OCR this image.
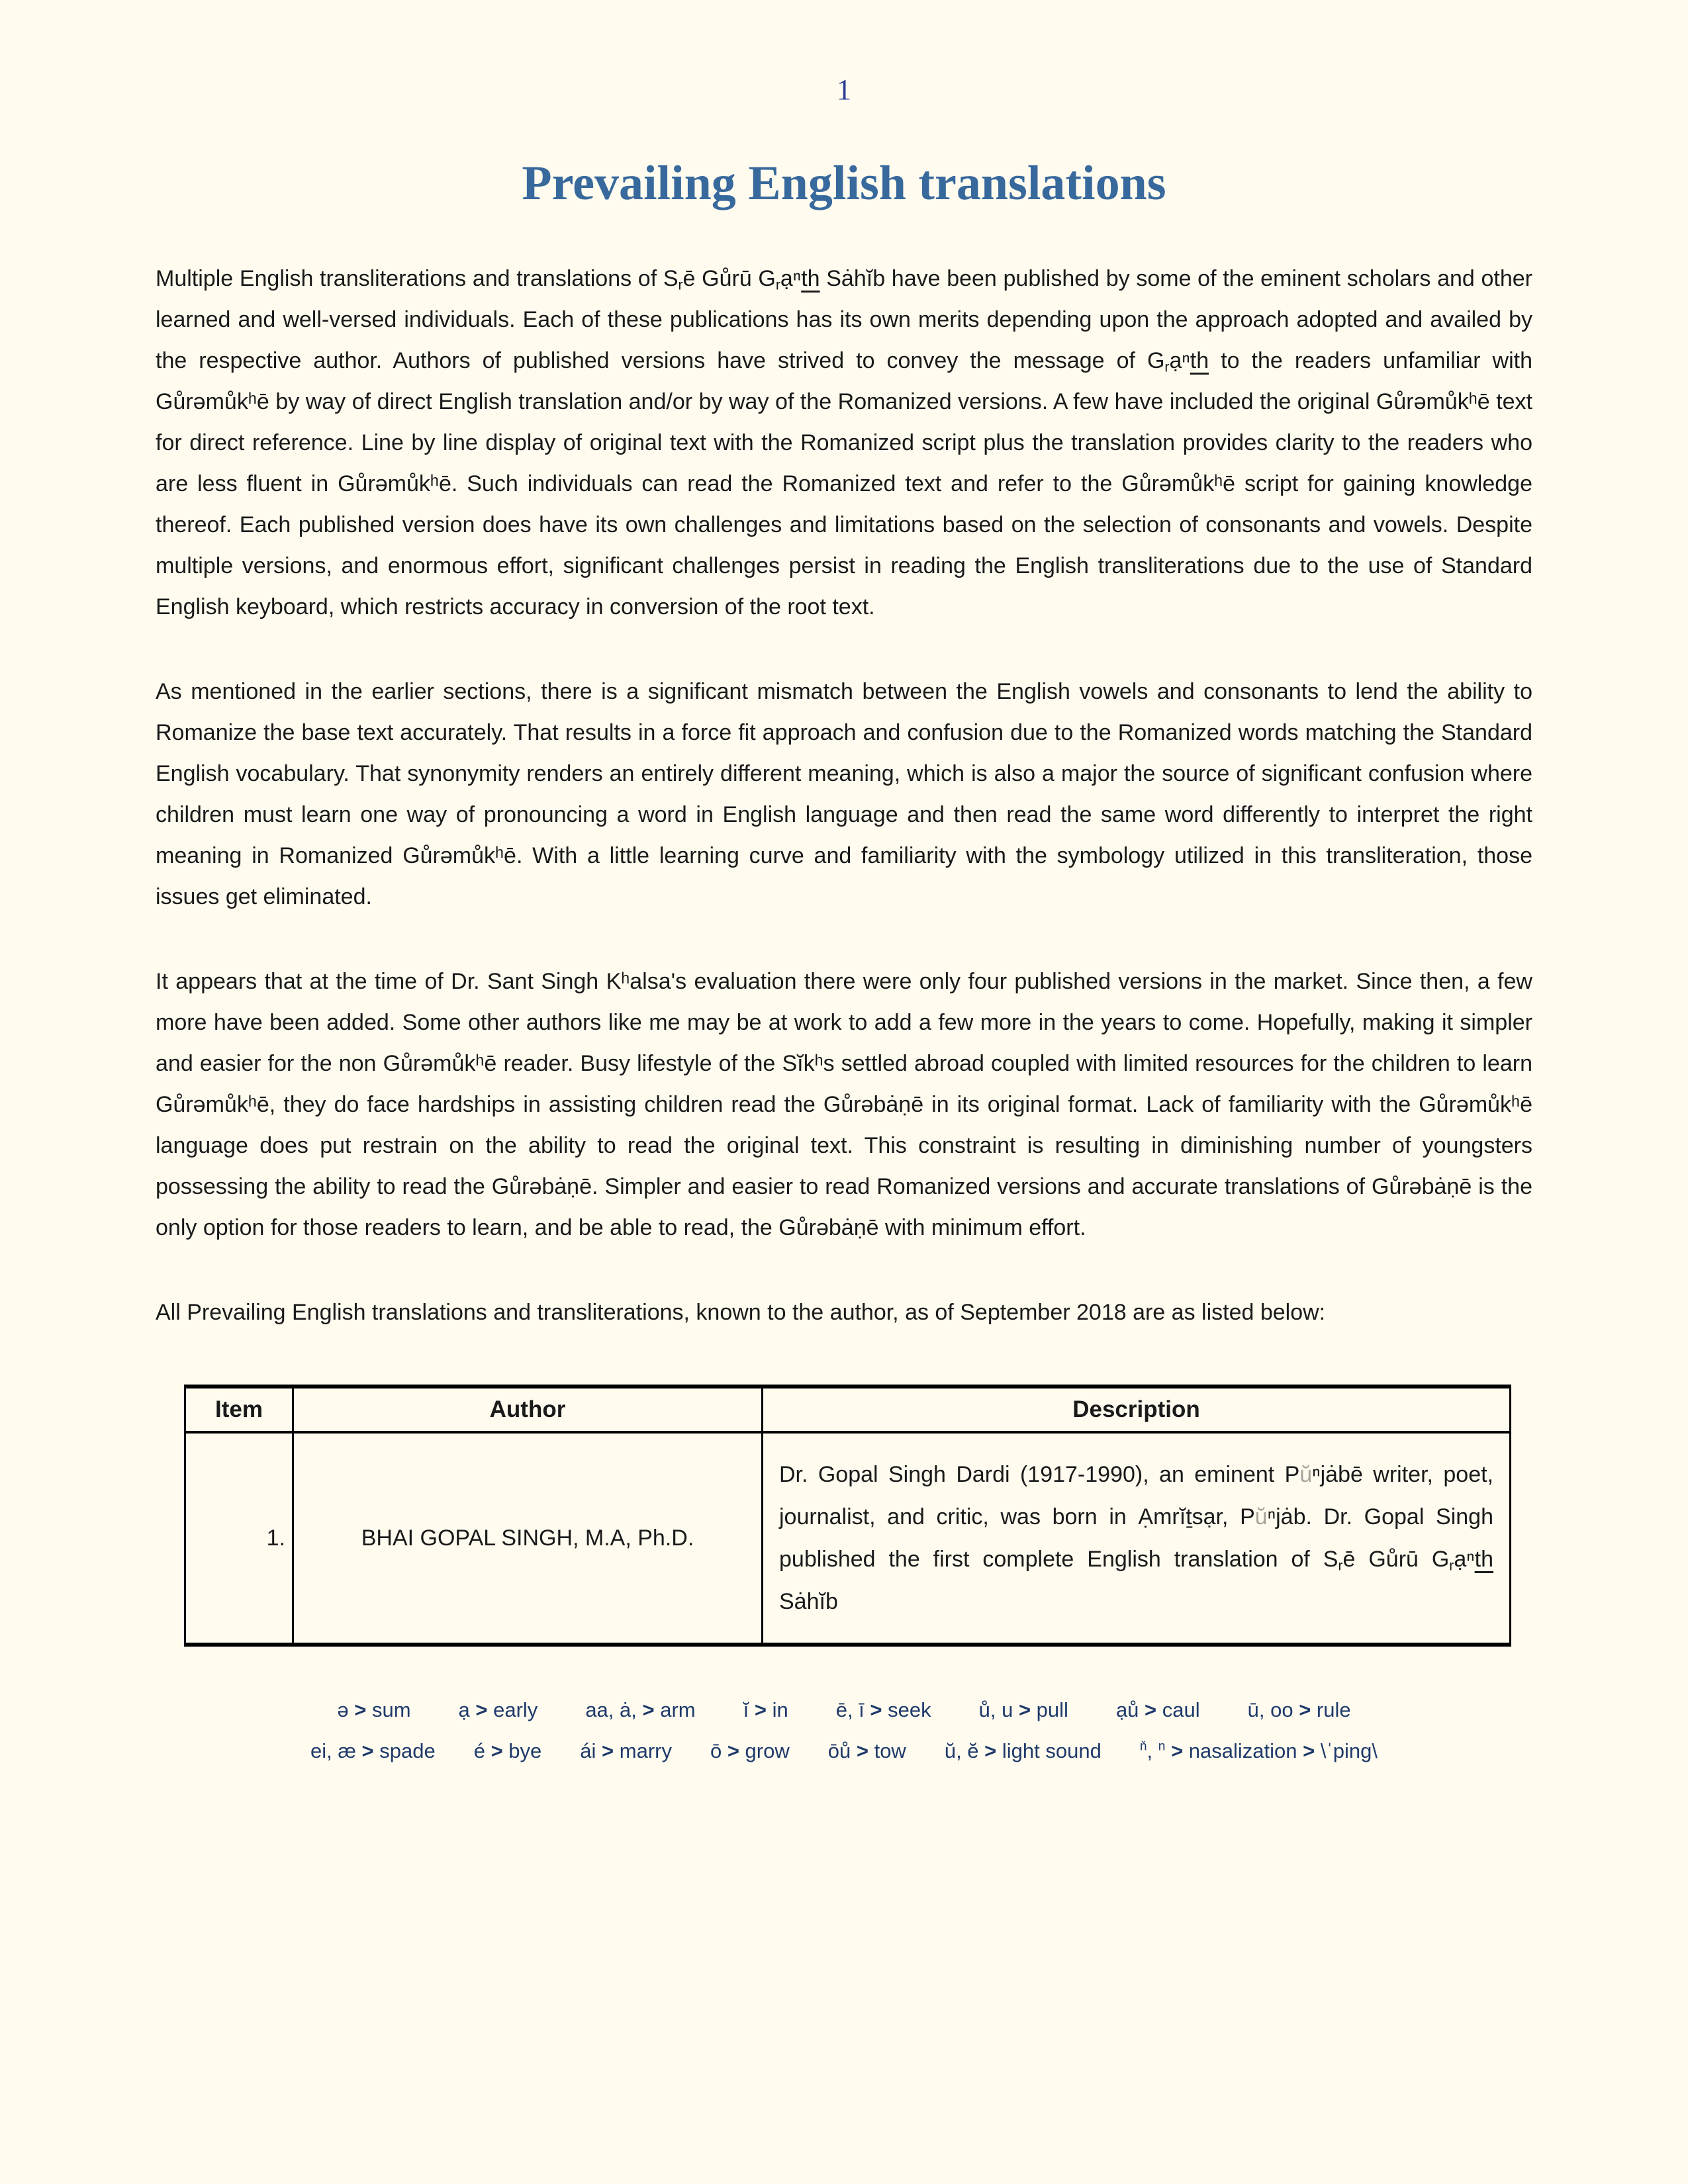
1
Prevailing English translations

Multiple English transliterations and translations of $S_rē$ Gůrū $G_rạ^nth$ Sȧhĭb have been published by some of the eminent scholars and other learned and well-versed individuals. Each of these publications has its own merits depending upon the approach adopted and availed by the respective author. Authors of published versions have strived to convey the message of $G_rạ^nth$ to the readers unfamiliar with Gůrəmůkʰē by way of direct English translation and/or by way of the Romanized versions. A few have included the original Gůrəmůkʰē text for direct reference. Line by line display of original text with the Romanized script plus the translation provides clarity to the readers who are less fluent in Gůrəmůkʰē. Such individuals can read the Romanized text and refer to the Gůrəmůkʰē script for gaining knowledge thereof. Each published version does have its own challenges and limitations based on the selection of consonants and vowels. Despite multiple versions, and enormous effort, significant challenges persist in reading the English transliterations due to the use of Standard English keyboard, which restricts accuracy in conversion of the root text.

As mentioned in the earlier sections, there is a significant mismatch between the English vowels and consonants to lend the ability to Romanize the base text accurately. That results in a force fit approach and confusion due to the Romanized words matching the Standard English vocabulary. That synonymity renders an entirely different meaning, which is also a major the source of significant confusion where children must learn one way of pronouncing a word in English language and then read the same word differently to interpret the right meaning in Romanized Gůrəmůkʰē. With a little learning curve and familiarity with the symbology utilized in this transliteration, those issues get eliminated.

It appears that at the time of Dr. Sant Singh Kʰalsa's evaluation there were only four published versions in the market. Since then, a few more have been added. Some other authors like me may be at work to add a few more in the years to come. Hopefully, making it simpler and easier for the non Gůrəmůkʰē reader. Busy lifestyle of the Sĭkʰs settled abroad coupled with limited resources for the children to learn Gůrəmůkʰē, they do face hardships in assisting children read the Gůrəbȧṇē in its original format. Lack of familiarity with the Gůrəmůkʰē language does put restrain on the ability to read the original text. This constraint is resulting in diminishing number of youngsters possessing the ability to read the Gůrəbȧṇē. Simpler and easier to read Romanized versions and accurate translations of Gůrəbȧṇē is the only option for those readers to learn, and be able to read, the Gůrəbȧṇē with minimum effort.

All Prevailing English translations and transliterations, known to the author, as of September 2018 are as listed below:

Item	Author	Description
1.	BHAI GOPAL SINGH, M.A, Ph.D.	Dr. Gopal Singh Dardi (1917-1990), an eminent Pŭⁿjȧbē writer, poet, journalist, and critic, was born in Ạmrĭṯsạr, Pŭⁿjȧb. Dr. Gopal Singh published the first complete English translation of $S_rē$ Gůrū $G_rạ^nth$ Sȧhĭb
ə > sum ạ > early aa, ȧ, > arm ĭ > in ē, ī > seek ů, u > pull ạů > caul ū, oo > rule
ei, æ > spade é > bye ái > marry ō > grow ōů > tow ŭ, ĕ > light sound	$^ň$, $^n$ > nasalization > \ˈping\
